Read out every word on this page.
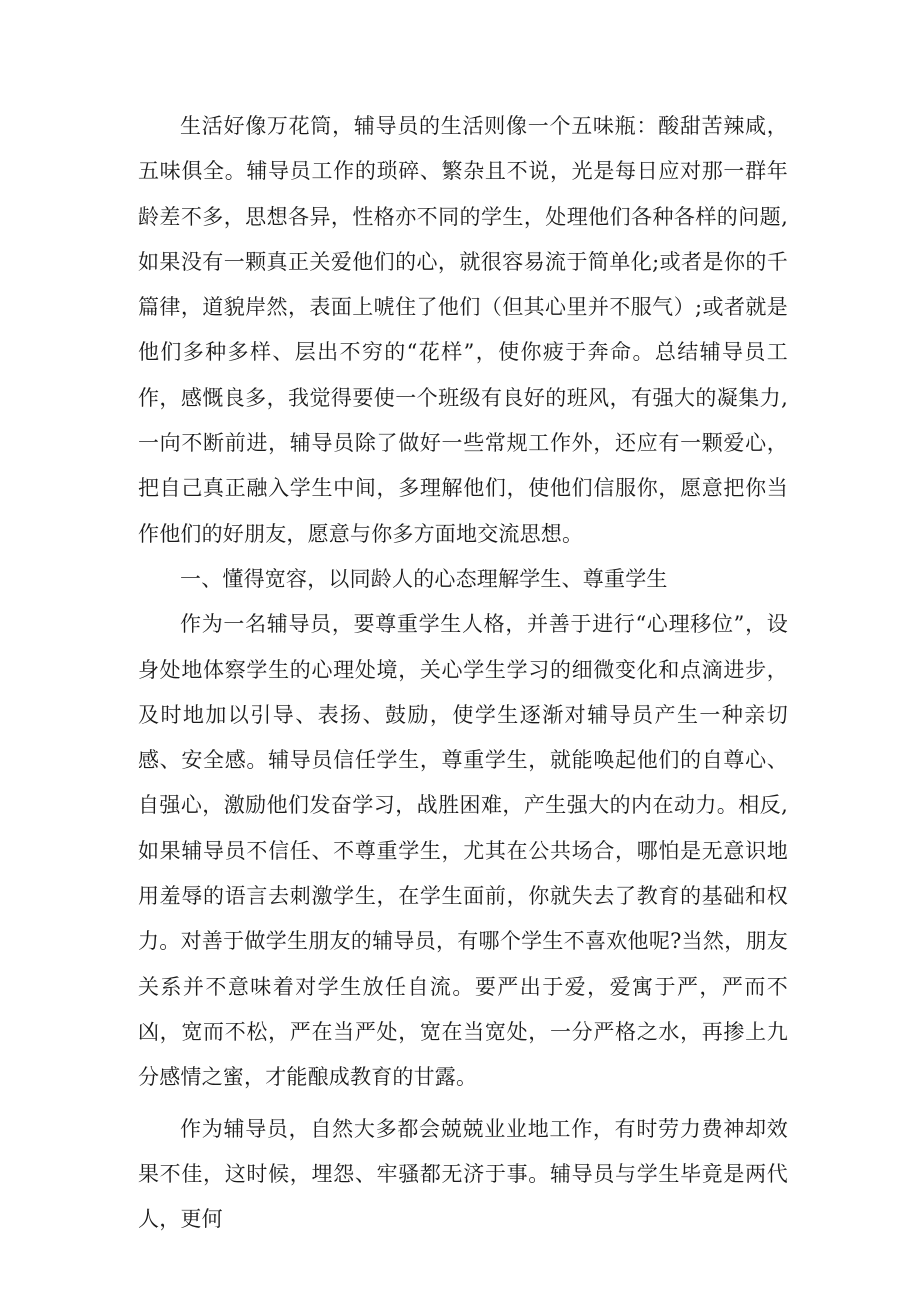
生活好像万花筒，辅导员的生活则像一个五味瓶：酸甜苦辣咸，五味俱全。辅导员工作的琐碎、繁杂且不说，光是每日应对那一群年龄差不多，思想各异，性格亦不同的学生，处理他们各种各样的问题,如果没有一颗真正关爱他们的心，就很容易流于简单化;或者是你的千篇律，道貌岸然，表面上唬住了他们（但其心里并不服气）;或者就是他们多种多样、层出不穷的“花样”，使你疲于奔命。总结辅导员工作，感慨良多，我觉得要使一个班级有良好的班风，有强大的凝集力,一向不断前进，辅导员除了做好一些常规工作外，还应有一颗爱心，把自己真正融入学生中间，多理解他们，使他们信服你，愿意把你当作他们的好朋友，愿意与你多方面地交流思想。

一、懂得宽容，以同龄人的心态理解学生、尊重学生

作为一名辅导员，要尊重学生人格，并善于进行“心理移位”，设身处地体察学生的心理处境，关心学生学习的细微变化和点滴进步，及时地加以引导、表扬、鼓励，使学生逐渐对辅导员产生一种亲切感、安全感。辅导员信任学生，尊重学生，就能唤起他们的自尊心、自强心，激励他们发奋学习，战胜困难，产生强大的内在动力。相反,如果辅导员不信任、不尊重学生，尤其在公共场合，哪怕是无意识地用羞辱的语言去刺激学生，在学生面前，你就失去了教育的基础和权力。对善于做学生朋友的辅导员，有哪个学生不喜欢他呢?当然，朋友关系并不意味着对学生放任自流。要严出于爱，爱寓于严，严而不凶，宽而不松，严在当严处，宽在当宽处，一分严格之水，再掺上九分感情之蜜，才能酿成教育的甘露。

作为辅导员，自然大多都会兢兢业业地工作，有时劳力费神却效果不佳，这时候，埋怨、牢骚都无济于事。辅导员与学生毕竟是两代人，更何
